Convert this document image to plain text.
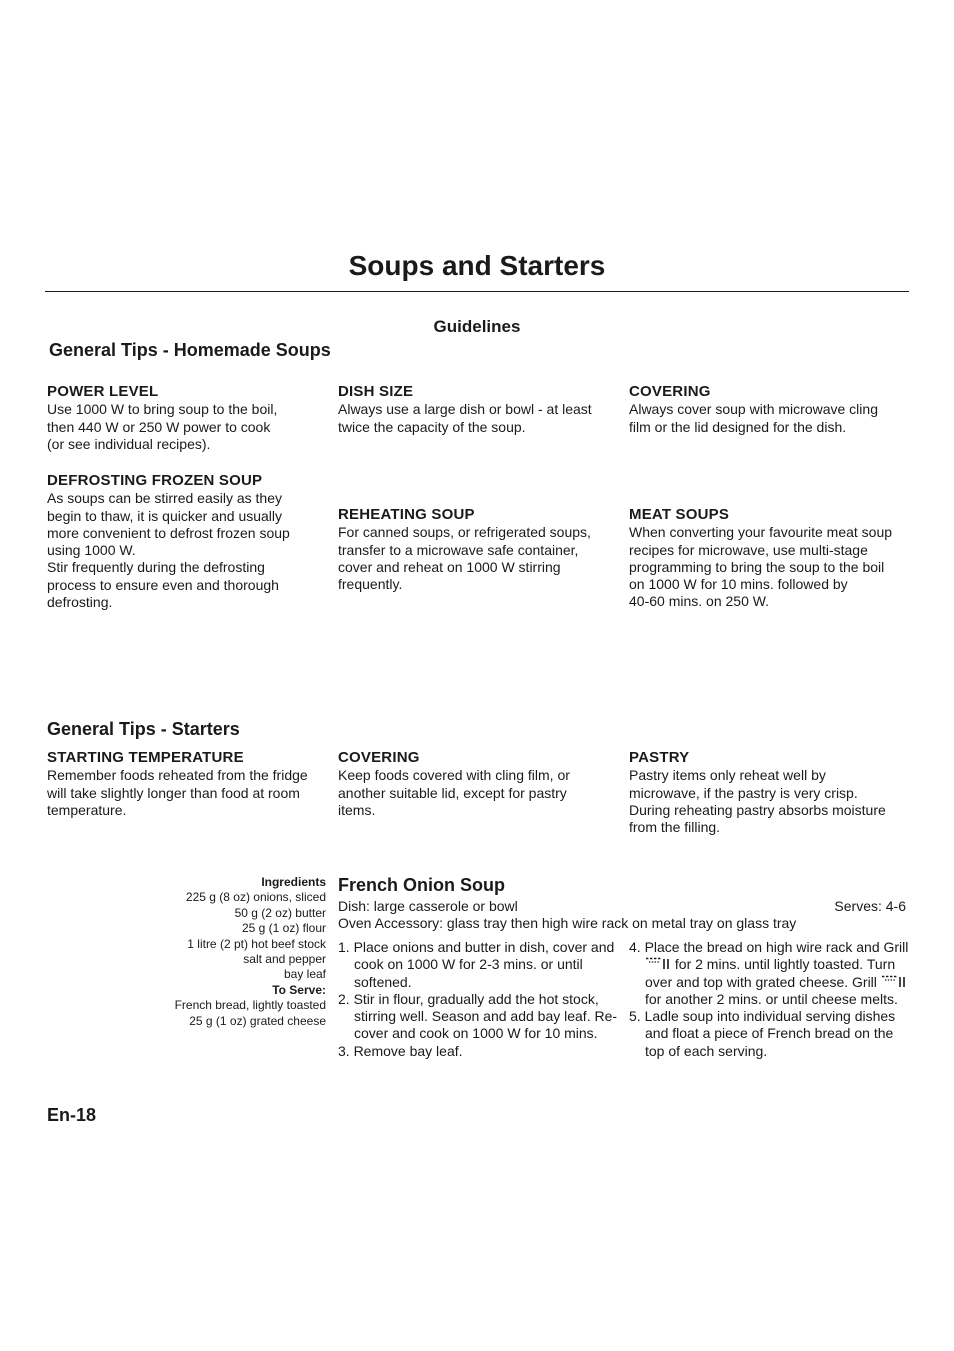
Soups and Starters
Guidelines
General Tips - Homemade Soups
POWER LEVEL

Use 1000 W to bring soup to the boil,
then 440 W or 250 W power to cook
(or see individual recipes).

DISH SIZE

Always use a large dish or bowl - at least
twice the capacity of the soup.

COVERING

Always cover soup with microwave cling
film or the lid designed for the dish.

DEFROSTING FROZEN SOUP

As soups can be stirred easily as they
begin to thaw, it is quicker and usually
more convenient to defrost frozen soup
using 1000 W.
Stir frequently during the defrosting
process to ensure even and thorough
defrosting.

REHEATING SOUP

For canned soups, or refrigerated soups,
transfer to a microwave safe container,
cover and reheat on 1000 W stirring
frequently.

MEAT SOUPS

When converting your favourite meat soup
recipes for microwave, use multi-stage
programming to bring the soup to the boil
on 1000 W for 10 mins. followed by
40-60 mins. on 250 W.

General Tips - Starters
STARTING TEMPERATURE

Remember foods reheated from the fridge
will take slightly longer than food at room
temperature.

COVERING

Keep foods covered with cling film, or
another suitable lid, except for pastry
items.

PASTRY

Pastry items only reheat well by
microwave, if the pastry is very crisp.
During reheating pastry absorbs moisture
from the filling.

Ingredients
225 g (8 oz) onions, sliced
50 g (2 oz) butter
25 g (1 oz) flour
1 litre (2 pt) hot beef stock
salt and pepper
bay leaf
To Serve:
French bread, lightly toasted
25 g (1 oz) grated cheese
French Onion Soup
Dish: large casserole or bowl	Serves: 4-6
Oven Accessory: glass tray then high wire rack on metal tray on glass tray
1. Place onions and butter in dish, cover and cook on 1000 W for 2-3 mins. or until softened.
2. Stir in flour, gradually add the hot stock, stirring well. Season and add bay leaf. Re-cover and cook on 1000 W for 10 mins.
3. Remove bay leaf.
4. Place the bread on high wire rack and Grill  for 2 mins. until lightly toasted. Turn over and top with grated cheese. Grill  for another 2 mins. or until cheese melts.
5. Ladle soup into individual serving dishes and float a piece of French bread on the top of each serving.
En-18
